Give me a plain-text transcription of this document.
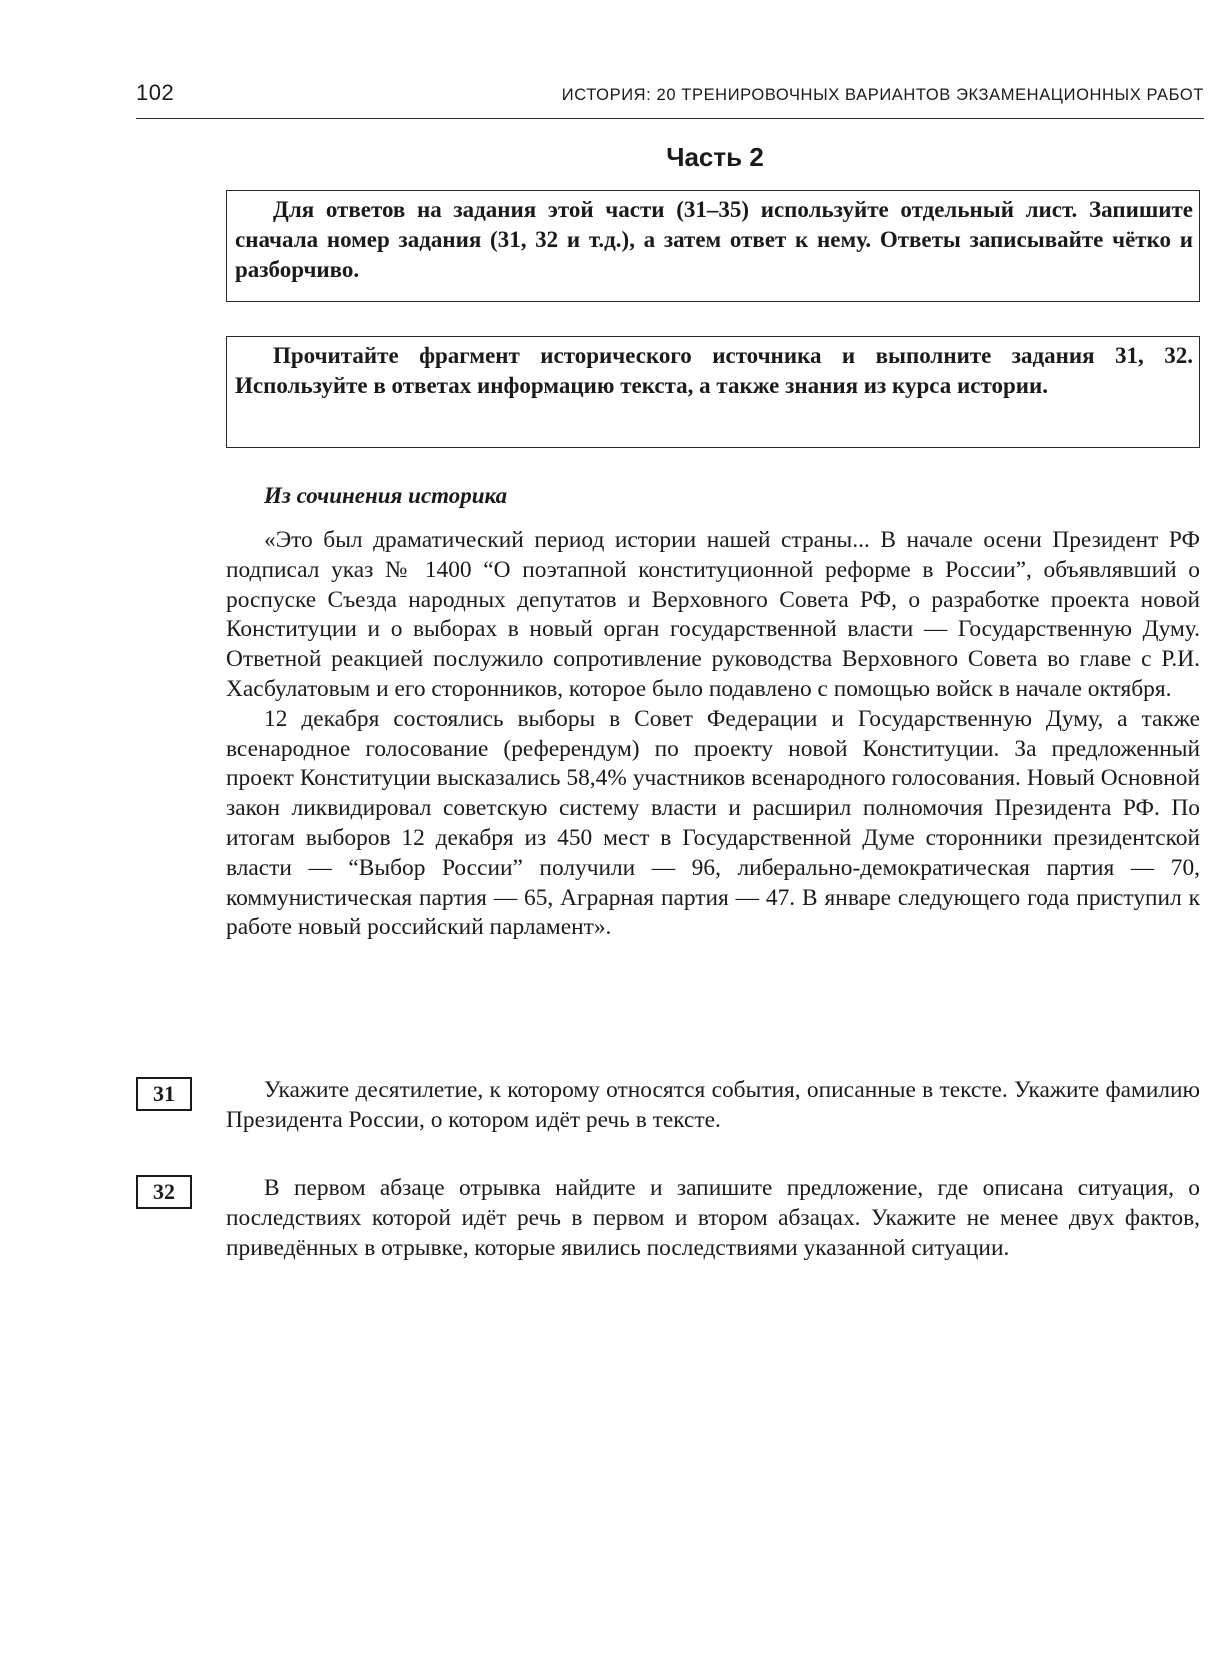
102	ИСТОРИЯ: 20 ТРЕНИРОВОЧНЫХ ВАРИАНТОВ ЭКЗАМЕНАЦИОННЫХ РАБОТ
Часть 2
Для ответов на задания этой части (31–35) используйте отдельный лист. Запишите сначала номер задания (31, 32 и т.д.), а затем ответ к нему. Ответы записывайте чётко и разборчиво.
Прочитайте фрагмент исторического источника и выполните задания 31, 32. Используйте в ответах информацию текста, а также знания из курса истории.
Из сочинения историка

«Это был драматический период истории нашей страны... В начале осени Президент РФ подписал указ № 1400 “О поэтапной конституционной реформе в России”, объявлявший о роспуске Съезда народных депутатов и Верховного Совета РФ, о разработке проекта новой Конституции и о выборах в новый орган государственной власти — Государственную Думу. Ответной реакцией послужило сопротивление руководства Верховного Совета во главе с Р.И. Хасбулатовым и его сторонников, которое было подавлено с помощью войск в начале октября.

12 декабря состоялись выборы в Совет Федерации и Государственную Думу, а также всенародное голосование (референдум) по проекту новой Конституции. За предложенный проект Конституции высказались 58,4% участников всенародного голосования. Новый Основной закон ликвидировал советскую систему власти и расширил полномочия Президента РФ. По итогам выборов 12 декабря из 450 мест в Государственной Думе сторонники президентской власти — “Выбор России” получили — 96, либерально-демократическая партия — 70, коммунистическая партия — 65, Аграрная партия — 47. В январе следующего года приступил к работе новый российский парламент».

31	Укажите десятилетие, к которому относятся события, описанные в тексте. Укажите фамилию Президента России, о котором идёт речь в тексте.

32	В первом абзаце отрывка найдите и запишите предложение, где описана ситуация, о последствиях которой идёт речь в первом и втором абзацах. Укажите не менее двух фактов, приведённых в отрывке, которые явились последствиями указанной ситуации.
